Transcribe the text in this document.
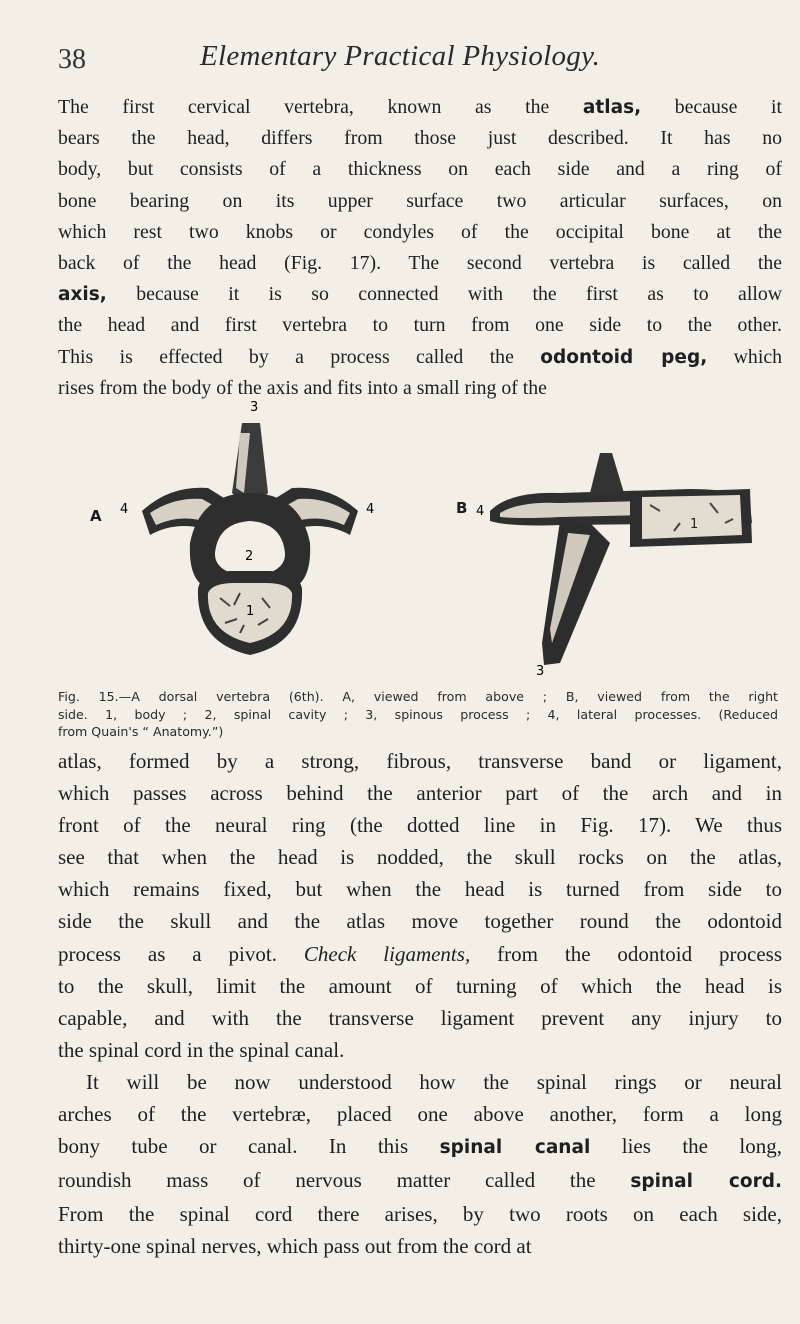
38	Elementary Practical Physiology.
The first cervical vertebra, known as the atlas, because it
bears the head, differs from those just described. It has no
body, but consists of a thickness on each side and a ring of
bone bearing on its upper surface two articular surfaces, on
which rest two knobs or condyles of the occipital bone at the
back of the head (Fig. 17). The second vertebra is called the
axis, because it is so connected with the first as to allow
the head and first vertebra to turn from one side to the other.
This is effected by a process called the odontoid peg, which
rises from the body of the axis and fits into a small ring of the
3
4	4
2
1
1
4
3
A	B
Fig. 15.—A dorsal vertebra (6th). A, viewed from above ; B, viewed from the right
side. 1, body ; 2, spinal cavity ; 3, spinous process ; 4, lateral processes. (Reduced
from Quain's “ Anatomy.”)
atlas, formed by a strong, fibrous, transverse band or ligament,
which passes across behind the anterior part of the arch and in
front of the neural ring (the dotted line in Fig. 17). We thus
see that when the head is nodded, the skull rocks on the atlas,
which remains fixed, but when the head is turned from side to
side the skull and the atlas move together round the odontoid
process as a pivot. Check ligaments, from the odontoid process
to the skull, limit the amount of turning of which the head is
capable, and with the transverse ligament prevent any injury to
the spinal cord in the spinal canal.
It will be now understood how the spinal rings or neural
arches of the vertebræ, placed one above another, form a long
bony tube or canal. In this spinal canal lies the long,
roundish mass of nervous matter called the spinal cord.
From the spinal cord there arises, by two roots on each side,
thirty-one spinal nerves, which pass out from the cord at
